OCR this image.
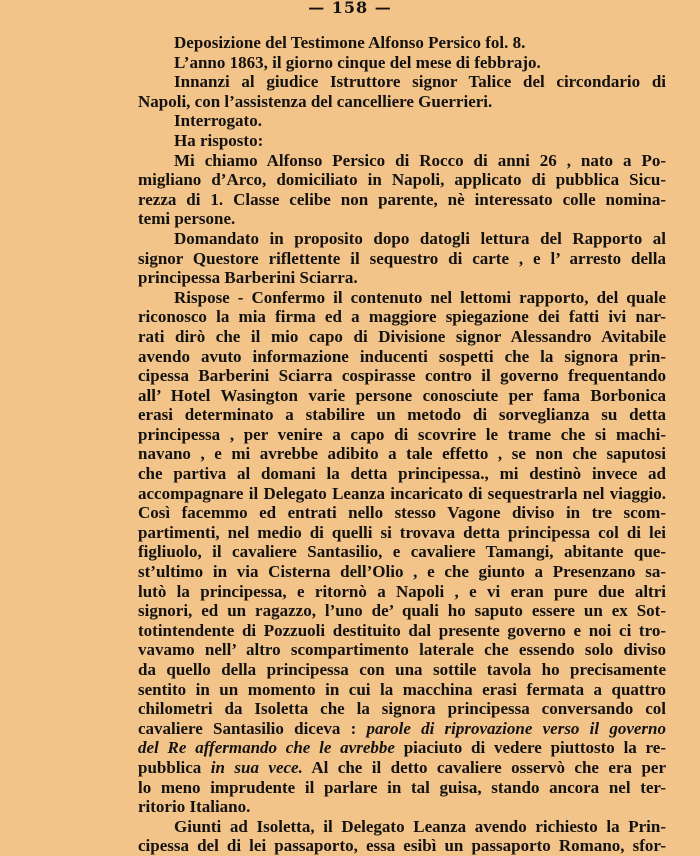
— 158 —
Deposizione del Testimone Alfonso Persico fol. 8.
L’anno 1863, il giorno cinque del mese di febbrajo.
Innanzi al giudice Istruttore signor Talice del circondario di
Napoli, con l’assistenza del cancelliere Guerrieri.
Interrogato.
Ha risposto:
Mi chiamo Alfonso Persico di Rocco di anni 26 , nato a Po-
migliano d’Arco, domiciliato in Napoli, applicato di pubblica Sicu-
rezza di 1. Classe celibe non parente, nè interessato colle nomina-
temi persone.
Domandato in proposito dopo datogli lettura del Rapporto al
signor Questore riflettente il sequestro di carte , e l’ arresto della
principessa Barberini Sciarra.
Rispose - Confermo il contenuto nel lettomi rapporto, del quale
riconosco la mia firma ed a maggiore spiegazione dei fatti ivi nar-
rati dirò che il mio capo di Divisione signor Alessandro Avitabile
avendo avuto informazione inducenti sospetti che la signora prin-
cipessa Barberini Sciarra cospirasse contro il governo frequentando
all’ Hotel Wasington varie persone conosciute per fama Borbonica
erasi determinato a stabilire un metodo di sorveglianza su detta
principessa , per venire a capo di scovrire le trame che si machi-
navano , e mi avrebbe adibito a tale effetto , se non che saputosi
che partiva al domani la detta principessa., mi destinò invece ad
accompagnare il Delegato Leanza incaricato di sequestrarla nel viaggio.
Così facemmo ed entrati nello stesso Vagone diviso in tre scom-
partimenti, nel medio di quelli si trovava detta principessa col di lei
figliuolo, il cavaliere Santasilio, e cavaliere Tamangi, abitante que-
st’ultimo in via Cisterna dell’Olio , e che giunto a Presenzano sa-
lutò la principessa, e ritornò a Napoli , e vi eran pure due altri
signori, ed un ragazzo, l’uno de’ quali ho saputo essere un ex Sot-
totintendente di Pozzuoli destituito dal presente governo e noi ci tro-
vavamo nell’ altro scompartimento laterale che essendo solo diviso
da quello della principessa con una sottile tavola ho precisamente
sentito in un momento in cui la macchina erasi fermata a quattro
chilometri da Isoletta che la signora principessa conversando col
cavaliere Santasilio diceva : parole di riprovazione verso il governo
del Re affermando che le avrebbe piaciuto di vedere piuttosto la re-
pubblica in sua vece. Al che il detto cavaliere osservò che era per
lo meno imprudente il parlare in tal guisa, stando ancora nel ter-
ritorio Italiano.
Giunti ad Isoletta, il Delegato Leanza avendo richiesto la Prin-
cipessa del di lei passaporto, essa esibì un passaporto Romano, sfor-
